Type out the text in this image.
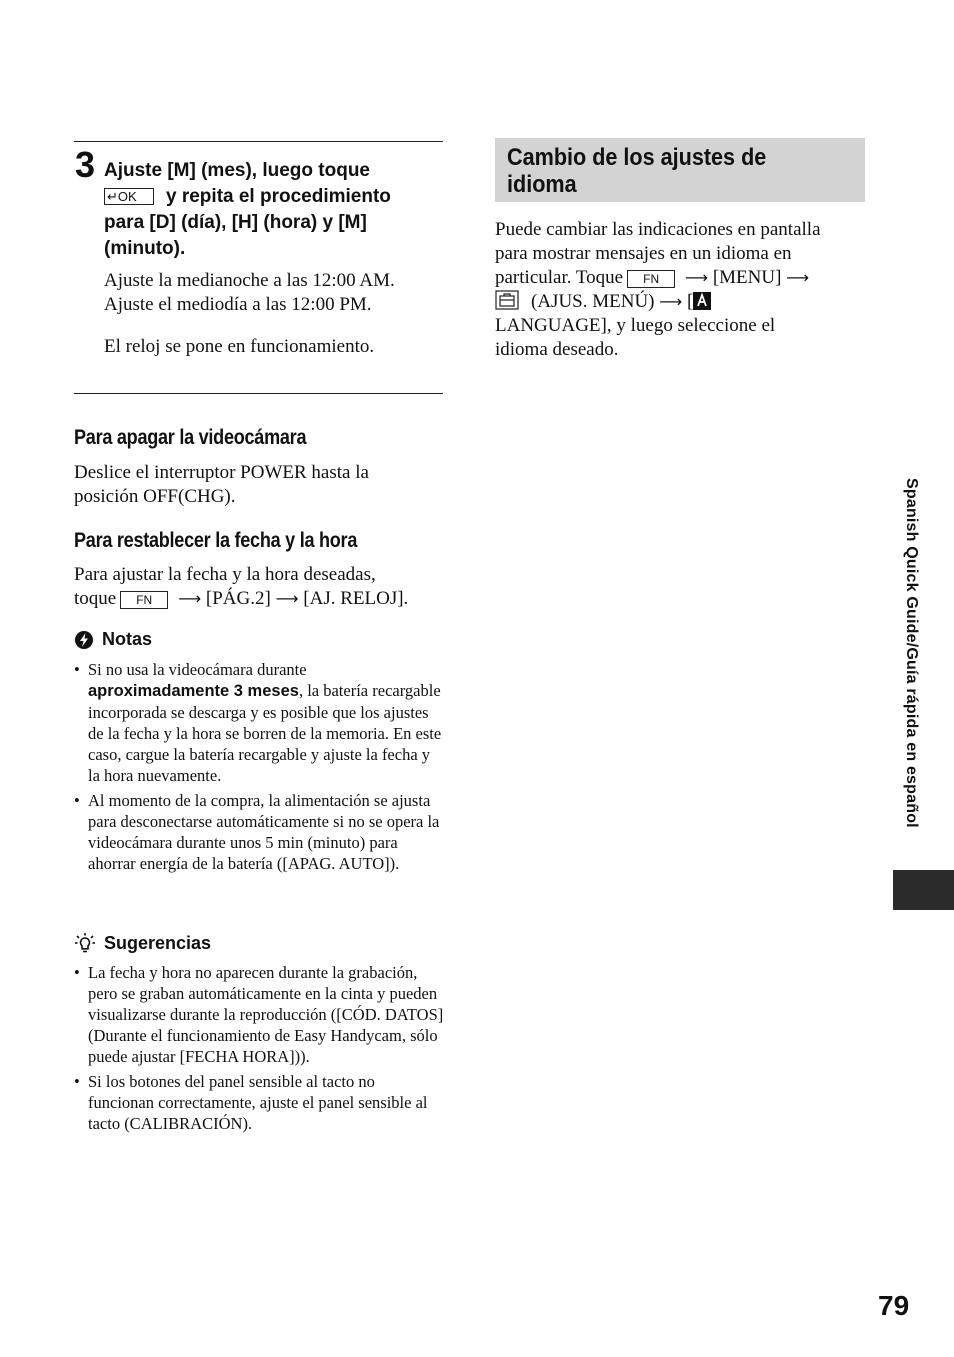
3 Ajuste [M] (mes), luego toque
↵OK y repita el procedimiento
para [D] (día), [H] (hora) y [M]
(minuto).
Ajuste la medianoche a las 12:00 AM.
Ajuste el mediodía a las 12:00 PM.
El reloj se pone en funcionamiento.
Para apagar la videocámara
Deslice el interruptor POWER hasta la
posición OFF(CHG).
Para restablecer la fecha y la hora
Para ajustar la fecha y la hora deseadas,
toque FN ⟶ [PÁG.2] ⟶ [AJ. RELOJ].
Notas
• Si no usa la videocámara durante
aproximadamente 3 meses, la batería recargable incorporada se descarga y es posible que los ajustes de la fecha y la hora se borren de la memoria. En este caso, cargue la batería recargable y ajuste la fecha y la hora nuevamente.
• Al momento de la compra, la alimentación se ajusta para desconectarse automáticamente si no se opera la videocámara durante unos 5 min (minuto) para ahorrar energía de la batería ([APAG. AUTO]).
Sugerencias
• La fecha y hora no aparecen durante la grabación, pero se graban automáticamente en la cinta y pueden visualizarse durante la reproducción ([CÓD. DATOS] (Durante el funcionamiento de Easy Handycam, sólo puede ajustar [FECHA HORA])).
• Si los botones del panel sensible al tacto no funcionan correctamente, ajuste el panel sensible al tacto (CALIBRACIÓN).
Cambio de los ajustes de
idioma
Puede cambiar las indicaciones en pantalla
para mostrar mensajes en un idioma en
particular. Toque FN ⟶ [MENU] ⟶
(AJUS. MENÚ) ⟶ [
LANGUAGE], y luego seleccione el
idioma deseado.
Spanish Quick Guide/Guía rápida en español
79
